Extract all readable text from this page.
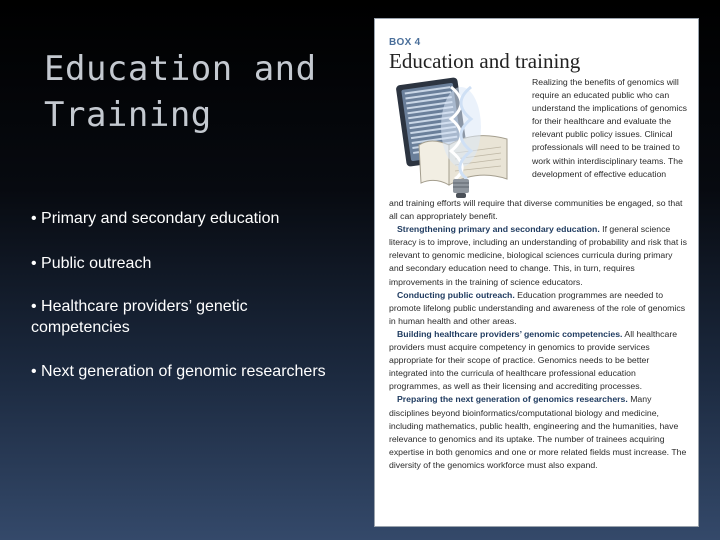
Education and
Training
• Primary and secondary education
• Public outreach
• Healthcare providers’ genetic competencies
• Next generation of genomic researchers
BOX 4
Education and training

Realizing the benefits of genomics will require an educated public who can understand the implications of genomics for their healthcare and evaluate the relevant public policy issues. Clinical professionals will need to be trained to work within interdisciplinary teams. The development of effective education

and training efforts will require that diverse communities be engaged, so that all can appropriately benefit.

Strengthening primary and secondary education. If general science literacy is to improve, including an understanding of probability and risk that is relevant to genomic medicine, biological sciences curricula during primary and secondary education need to change. This, in turn, requires improvements in the training of science educators.

Conducting public outreach. Education programmes are needed to promote lifelong public understanding and awareness of the role of genomics in human health and other areas.

Building healthcare providers’ genomic competencies. All healthcare providers must acquire competency in genomics to provide services appropriate for their scope of practice. Genomics needs to be better integrated into the curricula of healthcare professional education programmes, as well as their licensing and accrediting processes.

Preparing the next generation of genomics researchers. Many disciplines beyond bioinformatics/computational biology and medicine, including mathematics, public health, engineering and the humanities, have relevance to genomics and its uptake. The number of trainees acquiring expertise in both genomics and one or more related fields must increase. The diversity of the genomics workforce must also expand.
